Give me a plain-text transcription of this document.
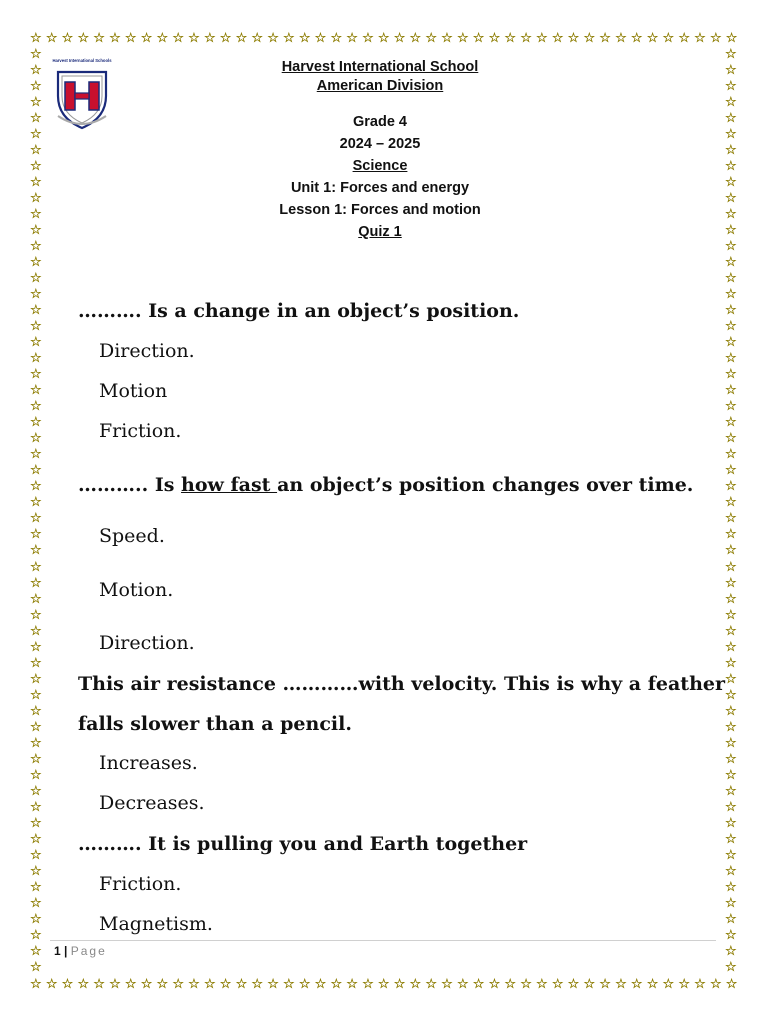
☆ ☆ ☆ ☆ ☆ ☆ ☆ ☆ ☆ ☆ ☆ ☆ ☆ ☆ ☆ ☆ ☆ ☆ ☆ ☆ ☆ ☆ ☆ ☆ ☆ ☆ ☆ ☆ ☆ ☆ ☆ ☆ ☆ ☆ ☆ ☆ ☆ ☆ ☆ ☆ ☆ ☆ ☆ ☆ ☆
☆ ☆ ☆ ☆ ☆ ☆ ☆ ☆ ☆ ☆ ☆ ☆ ☆ ☆ ☆ ☆ ☆ ☆ ☆ ☆ ☆ ☆ ☆ ☆ ☆ ☆ ☆ ☆ ☆ ☆ ☆ ☆ ☆ ☆ ☆ ☆ ☆ ☆ ☆ ☆ ☆ ☆ ☆ ☆ ☆
☆
☆
☆
☆
☆
☆
☆
☆
☆
☆
☆
☆
☆
☆
☆
☆
☆
☆
☆
☆
☆
☆
☆
☆
☆
☆
☆
☆
☆
☆
☆
☆
☆
☆
☆
☆
☆
☆
☆
☆
☆
☆
☆
☆
☆
☆
☆
☆
☆
☆
☆
☆
☆
☆
☆
☆
☆
☆
☆
☆
☆
☆
☆
☆
☆
☆
☆
☆
☆
☆
☆
☆
☆
☆
☆
☆
☆
☆
☆
☆
☆
☆
☆
☆
☆
☆
☆
☆
☆
☆
☆
☆
☆
☆
☆
☆
☆
☆
☆
☆
☆
☆
☆
☆
☆
☆
☆
☆
☆
☆
☆
☆
☆
☆
☆
☆
Harvest International Schools	Harvest International School
American Division
Grade 4
2024 – 2025
Science
Unit 1: Forces and energy
Lesson 1: Forces and motion
Quiz 1
………. Is a change in an object’s position.
Direction.
Motion
Friction.
……….. Is how fast an object’s position changes over time.
Speed.
Motion.
Direction.
This air resistance …………with velocity. This is why a feather
falls slower than a pencil.
Increases.
Decreases.
………. It is pulling you and Earth together
Friction.
Magnetism.
1 | Page
